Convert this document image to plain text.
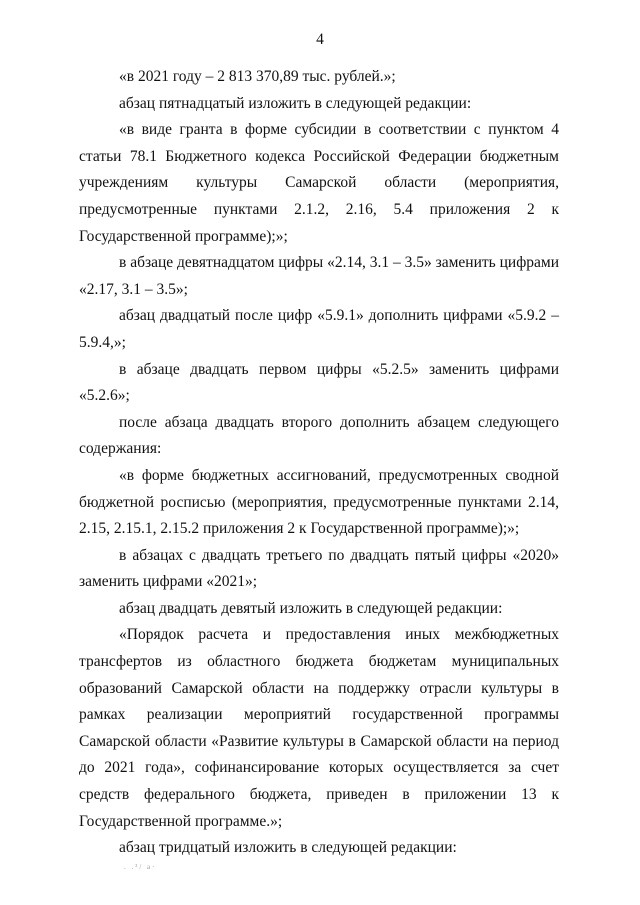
4

«в 2021 году – 2 813 370,89 тыс. рублей.»;

абзац пятнадцатый изложить в следующей редакции:

«в виде гранта в форме субсидии в соответствии с пунктом 4 статьи 78.1 Бюджетного кодекса Российской Федерации бюджетным учреждениям культуры Самарской области (мероприятия, предусмотренные пунктами 2.1.2, 2.16, 5.4 приложения 2 к Государственной программе);»;

в абзаце девятнадцатом цифры «2.14, 3.1 – 3.5» заменить цифрами «2.17, 3.1 – 3.5»;

абзац двадцатый после цифр «5.9.1» дополнить цифрами «5.9.2 – 5.9.4,»;

в абзаце двадцать первом цифры «5.2.5» заменить цифрами «5.2.6»;

после абзаца двадцать второго дополнить абзацем следующего содержания:

«в форме бюджетных ассигнований, предусмотренных сводной бюджетной росписью (мероприятия, предусмотренные пунктами 2.14, 2.15, 2.15.1, 2.15.2 приложения 2 к Государственной программе);»;

в абзацах с двадцать третьего по двадцать пятый цифры «2020» заменить цифрами «2021»;

абзац двадцать девятый изложить в следующей редакции:

«Порядок расчета и предоставления иных межбюджетных трансфертов из областного бюджета бюджетам муниципальных образований Самарской области на поддержку отрасли культуры в рамках реализации мероприятий государственной программы Самарской области «Развитие культуры в Самарской области на период до 2021 года», софинансирование которых осуществляется за счет средств федерального бюджета, приведен в приложении 13 к Государственной программе.»;

абзац тридцатый изложить в следующей редакции:

. .³/ a·
